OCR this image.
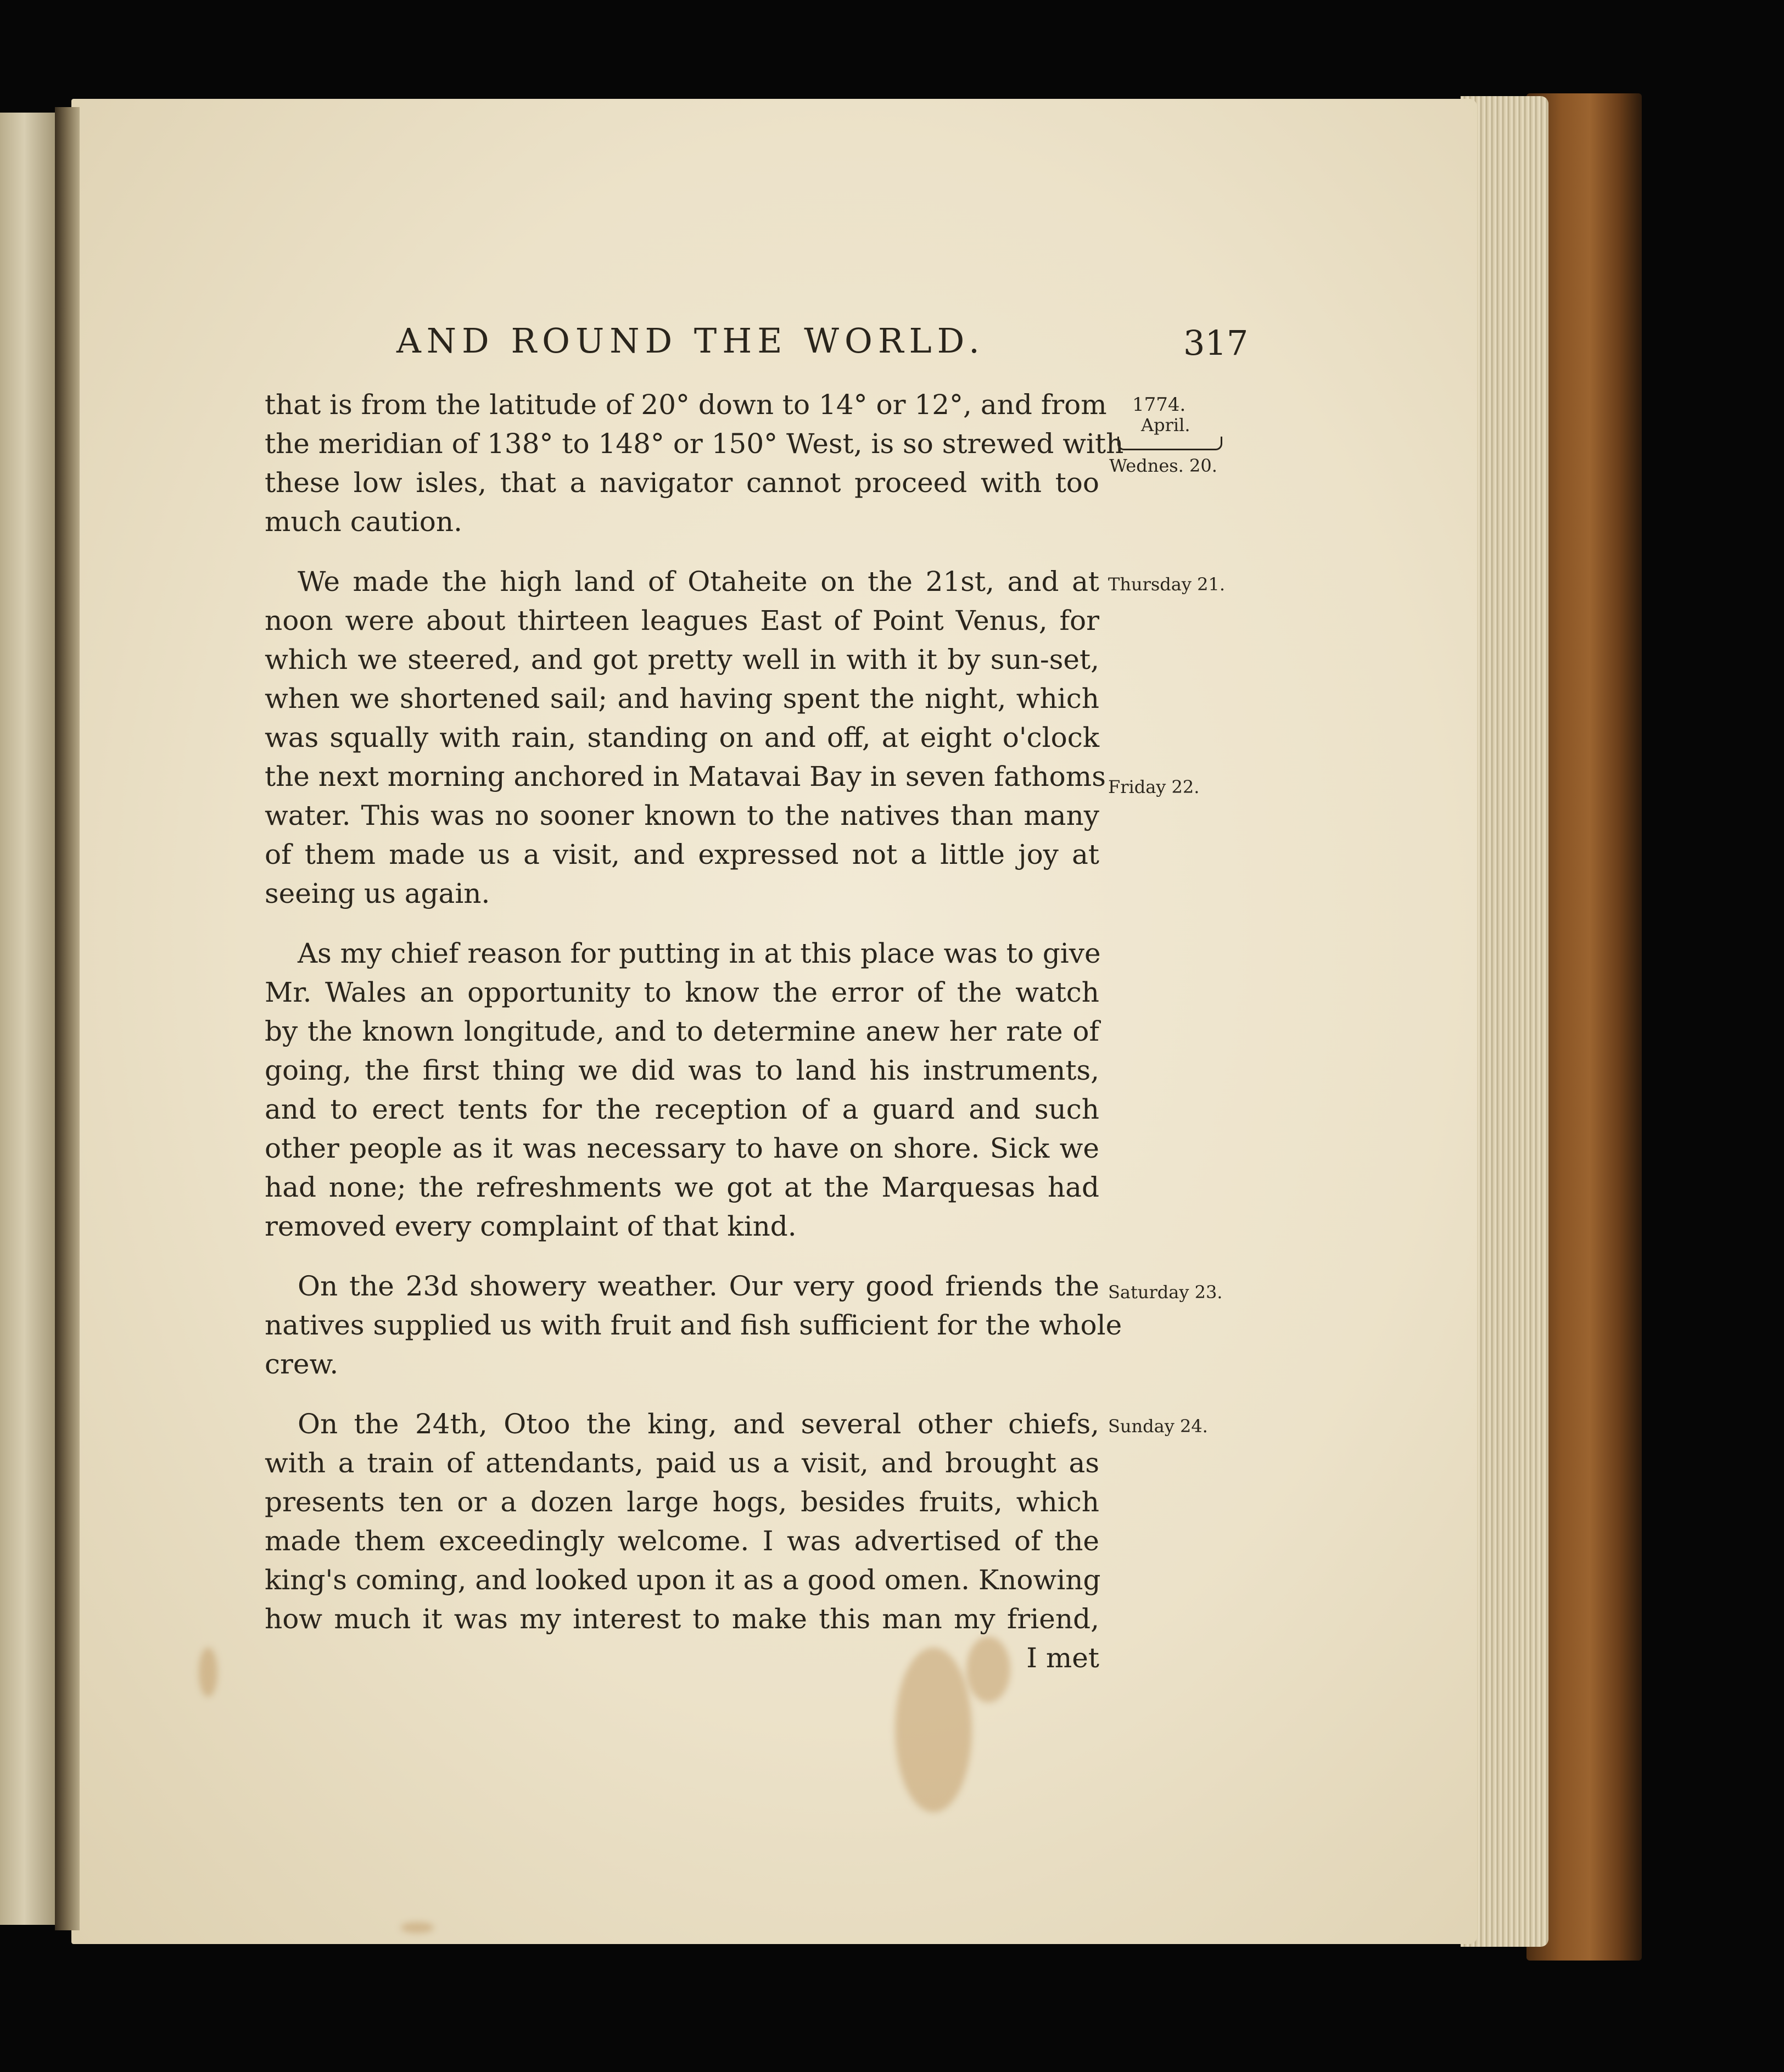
AND ROUND THE WORLD.	317
1774.
April.
Wednes. 20.
Thursday 21.
Friday 22.
Saturday 23.
Sunday 24.
that is from the latitude of 20° down to 14° or 12°, and from
the meridian of 138° to 148° or 150° West, is so strewed with
these low isles, that a navigator cannot proceed with too
much caution.
We made the high land of Otaheite on the 21st, and at
noon were about thirteen leagues East of Point Venus, for
which we steered, and got pretty well in with it by sun-set,
when we shortened sail; and having spent the night, which
was squally with rain, standing on and off, at eight o'clock
the next morning anchored in Matavai Bay in seven fathoms
water. This was no sooner known to the natives than many
of them made us a visit, and expressed not a little joy at
seeing us again.
As my chief reason for putting in at this place was to give
Mr. Wales an opportunity to know the error of the watch
by the known longitude, and to determine anew her rate of
going, the first thing we did was to land his instruments,
and to erect tents for the reception of a guard and such
other people as it was necessary to have on shore. Sick we
had none; the refreshments we got at the Marquesas had
removed every complaint of that kind.
On the 23d showery weather. Our very good friends the
natives supplied us with fruit and fish sufficient for the whole
crew.
On the 24th, Otoo the king, and several other chiefs,
with a train of attendants, paid us a visit, and brought as
presents ten or a dozen large hogs, besides fruits, which
made them exceedingly welcome. I was advertised of the
king's coming, and looked upon it as a good omen. Knowing
how much it was my interest to make this man my friend,
I met
